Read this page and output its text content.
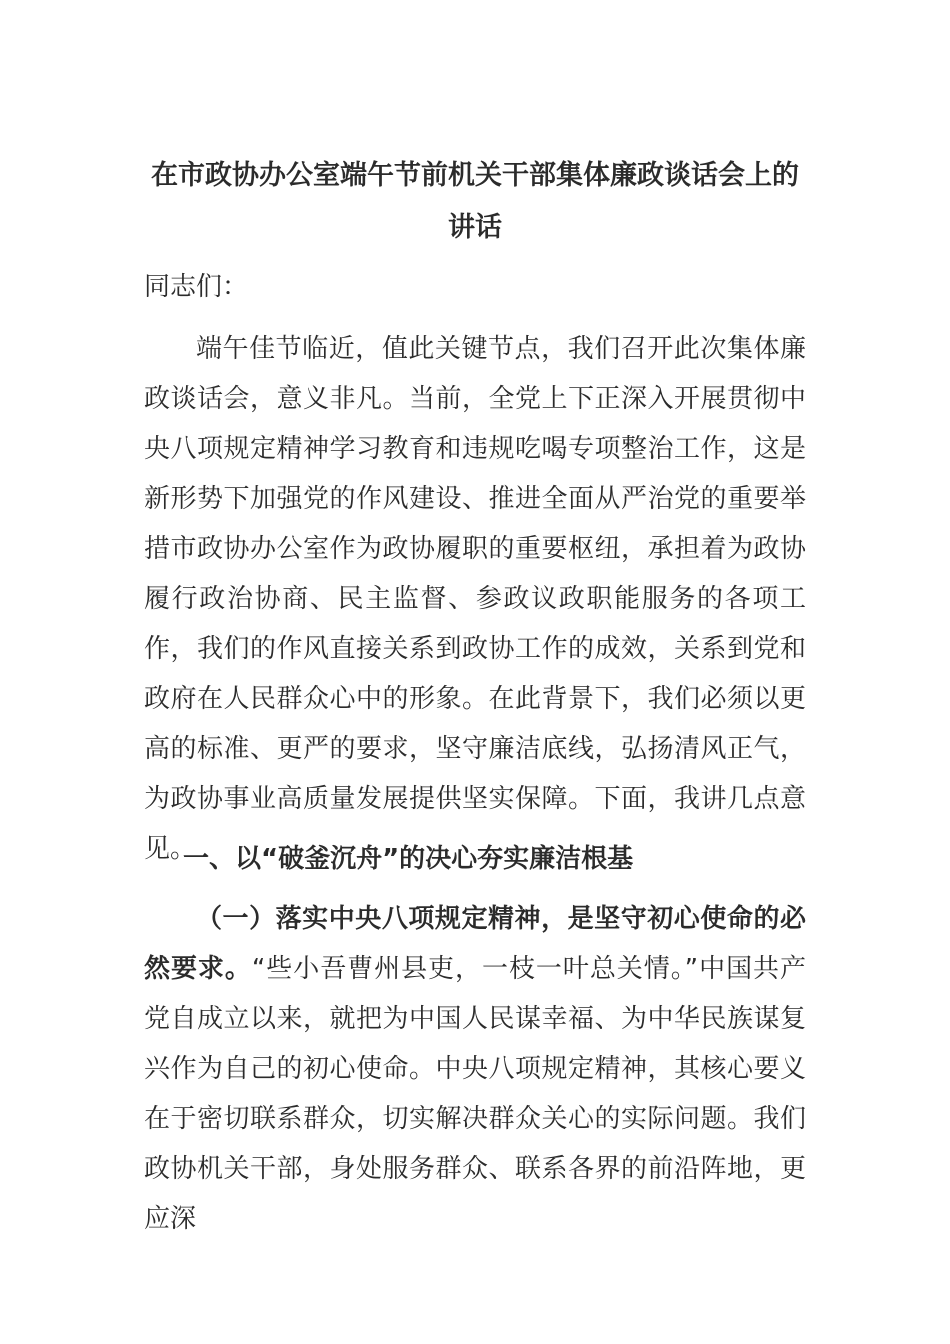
在市政协办公室端午节前机关干部集体廉政谈话会上的讲话
同志们：

端午佳节临近，值此关键节点，我们召开此次集体廉政谈话会，意义非凡。当前，全党上下正深入开展贯彻中央八项规定精神学习教育和违规吃喝专项整治工作，这是新形势下加强党的作风建设、推进全面从严治党的重要举措市政协办公室作为政协履职的重要枢纽，承担着为政协履行政治协商、民主监督、参政议政职能服务的各项工作，我们的作风直接关系到政协工作的成效，关系到党和政府在人民群众心中的形象。在此背景下，我们必须以更高的标准、更严的要求，坚守廉洁底线，弘扬清风正气，为政协事业高质量发展提供坚实保障。下面，我讲几点意见。

一、以“破釜沉舟”的决心夯实廉洁根基

（一）落实中央八项规定精神，是坚守初心使命的必然要求。“些小吾曹州县吏，一枝一叶总关情。”中国共产党自成立以来，就把为中国人民谋幸福、为中华民族谋复兴作为自己的初心使命。中央八项规定精神，其核心要义在于密切联系群众，切实解决群众关心的实际问题。我们政协机关干部，身处服务群众、联系各界的前沿阵地，更应深
